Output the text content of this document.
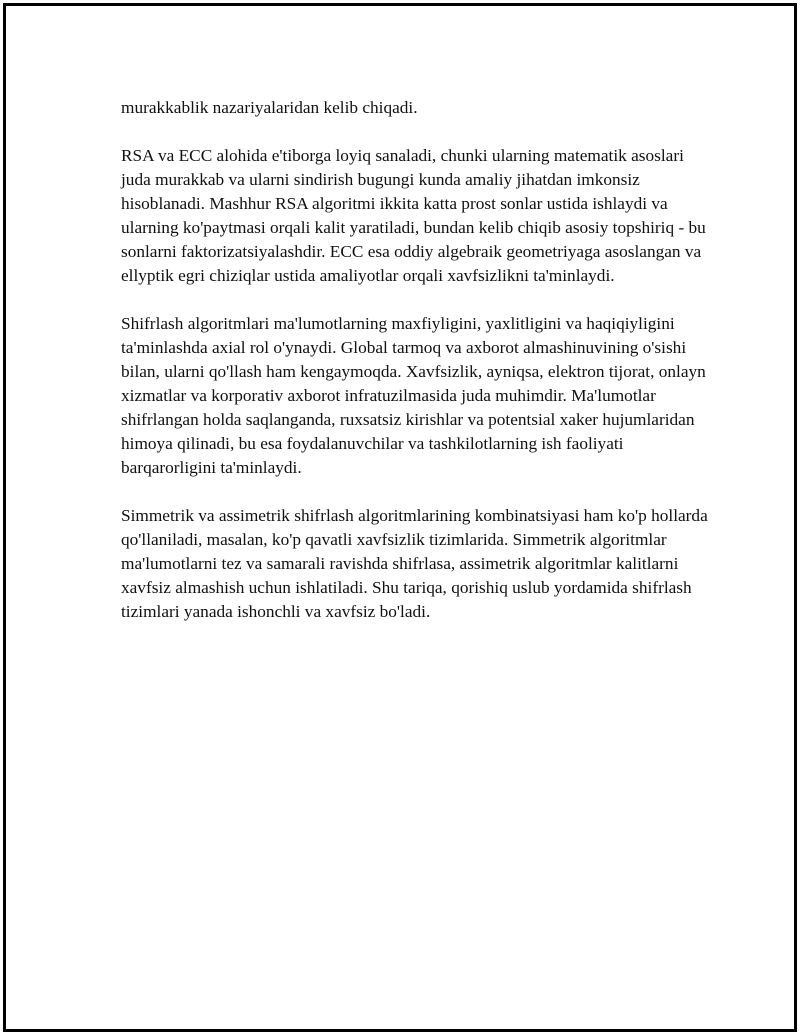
murakkablik nazariyalaridan kelib chiqadi.

RSA va ECC alohida e'tiborga loyiq sanaladi, chunki ularning matematik asoslari juda murakkab va ularni sindirish bugungi kunda amaliy jihatdan imkonsiz hisoblanadi. Mashhur RSA algoritmi ikkita katta prost sonlar ustida ishlaydi va ularning ko'paytmasi orqali kalit yaratiladi, bundan kelib chiqib asosiy topshiriq - bu sonlarni faktorizatsiyalashdir. ECC esa oddiy algebraik geometriyaga asoslangan va ellyptik egri chiziqlar ustida amaliyotlar orqali xavfsizlikni ta'minlaydi.

Shifrlash algoritmlari ma'lumotlarning maxfiyligini, yaxlitligini va haqiqiyligini ta'minlashda axial rol o'ynaydi. Global tarmoq va axborot almashinuvining o'sishi bilan, ularni qo'llash ham kengaymoqda. Xavfsizlik, ayniqsa, elektron tijorat, onlayn xizmatlar va korporativ axborot infratuzilmasida juda muhimdir. Ma'lumotlar shifrlangan holda saqlanganda, ruxsatsiz kirishlar va potentsial xaker hujumlaridan himoya qilinadi, bu esa foydalanuvchilar va tashkilotlarning ish faoliyati barqarorligini ta'minlaydi.

Simmetrik va assimetrik shifrlash algoritmlarining kombinatsiyasi ham ko'p hollarda qo'llaniladi, masalan, ko'p qavatli xavfsizlik tizimlarida. Simmetrik algoritmlar ma'lumotlarni tez va samarali ravishda shifrlasa, assimetrik algoritmlar kalitlarni xavfsiz almashish uchun ishlatiladi. Shu tariqa, qorishiq uslub yordamida shifrlash tizimlari yanada ishonchli va xavfsiz bo'ladi.
